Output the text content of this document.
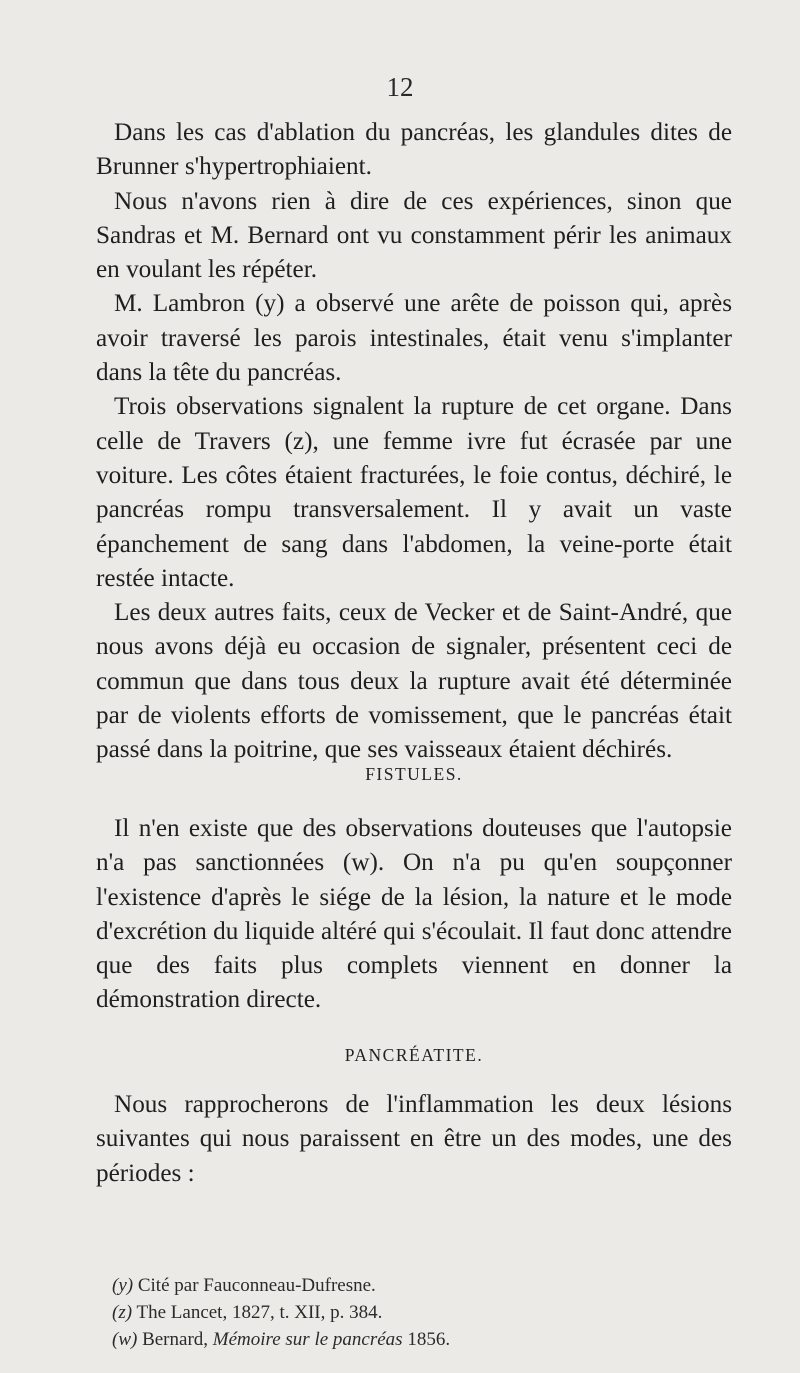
12

Dans les cas d'ablation du pancréas, les glandules dites de Brunner s'hypertrophiaient.

Nous n'avons rien à dire de ces expériences, sinon que Sandras et M. Bernard ont vu constamment périr les animaux en voulant les répéter.

M. Lambron (y) a observé une arête de poisson qui, après avoir traversé les parois intestinales, était venu s'implanter dans la tête du pancréas.

Trois observations signalent la rupture de cet organe. Dans celle de Travers (z), une femme ivre fut écrasée par une voiture. Les côtes étaient fracturées, le foie contus, déchiré, le pancréas rompu transversalement. Il y avait un vaste épanchement de sang dans l'abdomen, la veine-porte était restée intacte.

Les deux autres faits, ceux de Vecker et de Saint-André, que nous avons déjà eu occasion de signaler, présentent ceci de commun que dans tous deux la rupture avait été déterminée par de violents efforts de vomissement, que le pancréas était passé dans la poitrine, que ses vaisseaux étaient déchirés.

FISTULES.

Il n'en existe que des observations douteuses que l'autopsie n'a pas sanctionnées (w). On n'a pu qu'en soupçonner l'existence d'après le siége de la lésion, la nature et le mode d'excrétion du liquide altéré qui s'écoulait. Il faut donc attendre que des faits plus complets viennent en donner la démonstration directe.

PANCRÉATITE.

Nous rapprocherons de l'inflammation les deux lésions suivantes qui nous paraissent en être un des modes, une des périodes :

(y) Cité par Fauconneau-Dufresne.

(z) The Lancet, 1827, t. XII, p. 384.

(w) Bernard, Mémoire sur le pancréas 1856.
